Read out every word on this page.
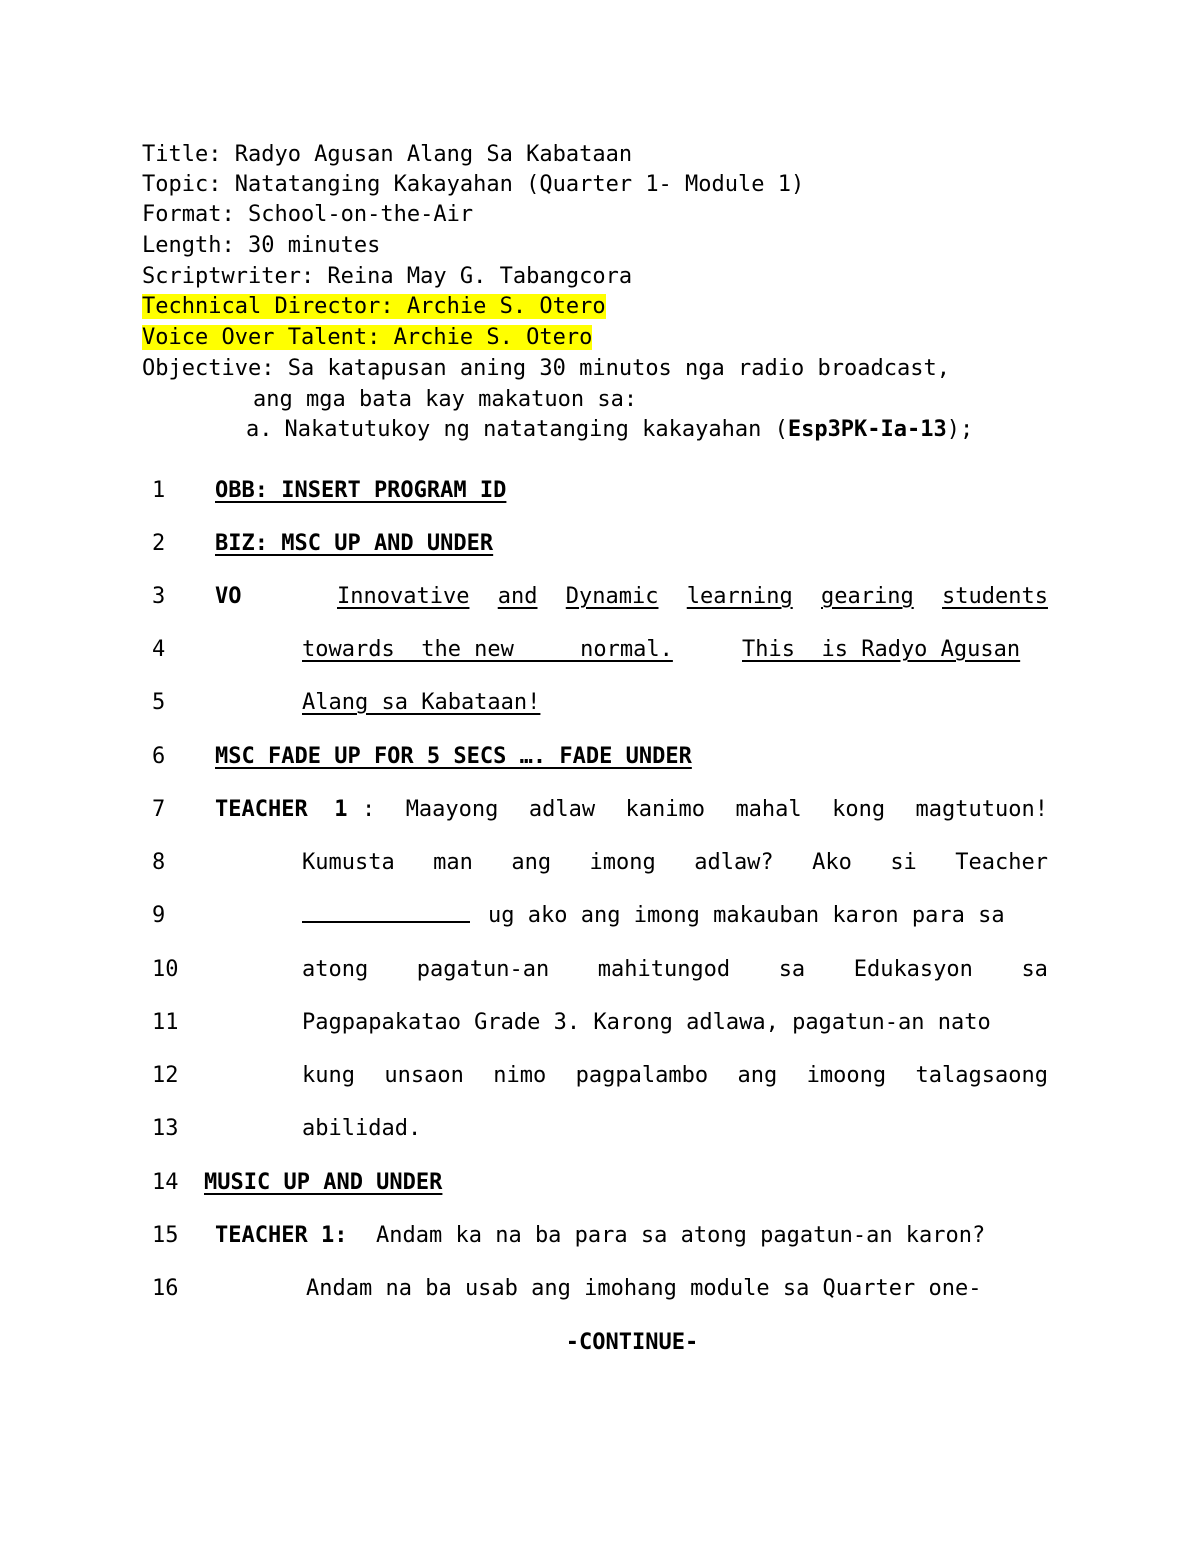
Title: Radyo Agusan Alang Sa Kabataan
Topic: Natatanging Kakayahan (Quarter 1- Module 1)
Format: School-on-the-Air
Length: 30 minutes
Scriptwriter: Reina May G. Tabangcora
Technical Director: Archie S. Otero
Voice Over Talent: Archie S. Otero
Objective: Sa katapusan aning 30 minutos nga radio broadcast,
ang mga bata kay makatuon sa:
a. Nakatutukoy ng natatanging kakayahan (Esp3PK-Ia-13);
1
2
3
4
5
6
7
8
9
10
11
12
13
14
15
16
OBB: INSERT PROGRAM ID
BIZ: MSC UP AND UNDER
VO	Innovative and Dynamic learning gearing students
towards  the new     normal.	This  is Radyo Agusan
Alang sa Kabataan!
MSC FADE UP FOR 5 SECS …. FADE UNDER
TEACHER 1 : Maayong adlaw kanimo mahal kong magtutuon!
Kumusta man ang imong adlaw? Ako si Teacher
ug ako ang imong makauban karon para sa
atong pagatun-an mahitungod sa Edukasyon sa
Pagpapakatao Grade 3. Karong adlawa, pagatun-an nato
kung unsaon nimo pagpalambo ang imoong talagsaong
abilidad.
MUSIC UP AND UNDER
TEACHER 1: Andam ka na ba para sa atong pagatun-an karon?
Andam na ba usab ang imohang module sa Quarter one-
-CONTINUE-
